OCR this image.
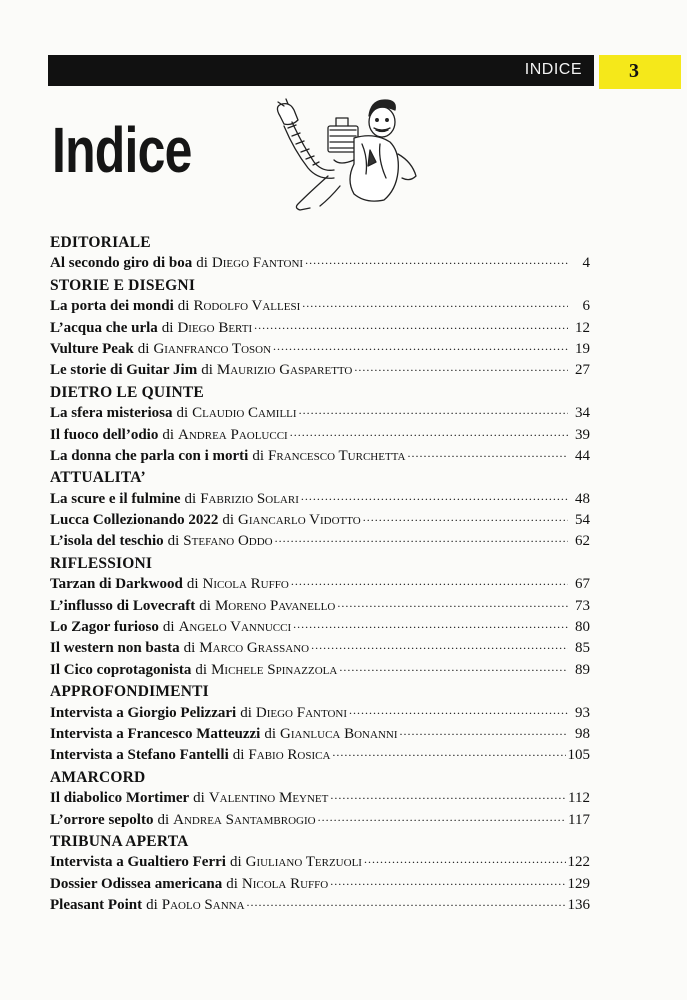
INDICE 3
Indice
EDITORIALE
Al secondo giro di boa di Diego Fantoni .....	4
STORIE E DISEGNI
La porta dei mondi di Rodolfo Vallesi .....	6
L’acqua che urla di Diego Berti .....	12
Vulture Peak di Gianfranco Toson .....	19
Le storie di Guitar Jim di Maurizio Gasparetto .....	27
DIETRO LE QUINTE
La sfera misteriosa di Claudio Camilli .....	34
Il fuoco dell’odio di Andrea Paolucci .....	39
La donna che parla con i morti di Francesco Turchetta .....	44
ATTUALITA’
La scure e il fulmine di Fabrizio Solari .....	48
Lucca Collezionando 2022 di Giancarlo Vidotto .....	54
L’isola del teschio di Stefano Oddo .....	62
RIFLESSIONI
Tarzan di Darkwood di Nicola Ruffo .....	67
L’influsso di Lovecraft di Moreno Pavanello .....	73
Lo Zagor furioso di Angelo Vannucci .....	80
Il western non basta di Marco Grassano .....	85
Il Cico coprotagonista di Michele Spinazzola .....	89
APPROFONDIMENTI
Intervista a Giorgio Pelizzari di Diego Fantoni .....	93
Intervista a Francesco Matteuzzi di Gianluca Bonanni .....	98
Intervista a Stefano Fantelli di Fabio Rosica .....	105
AMARCORD
Il diabolico Mortimer di Valentino Meynet .....	112
L’orrore sepolto di Andrea Santambrogio .....	117
TRIBUNA APERTA
Intervista a Gualtiero Ferri di Giuliano Terzuoli .....	122
Dossier Odissea americana di Nicola Ruffo .....	129
Pleasant Point di Paolo Sanna .....	136
